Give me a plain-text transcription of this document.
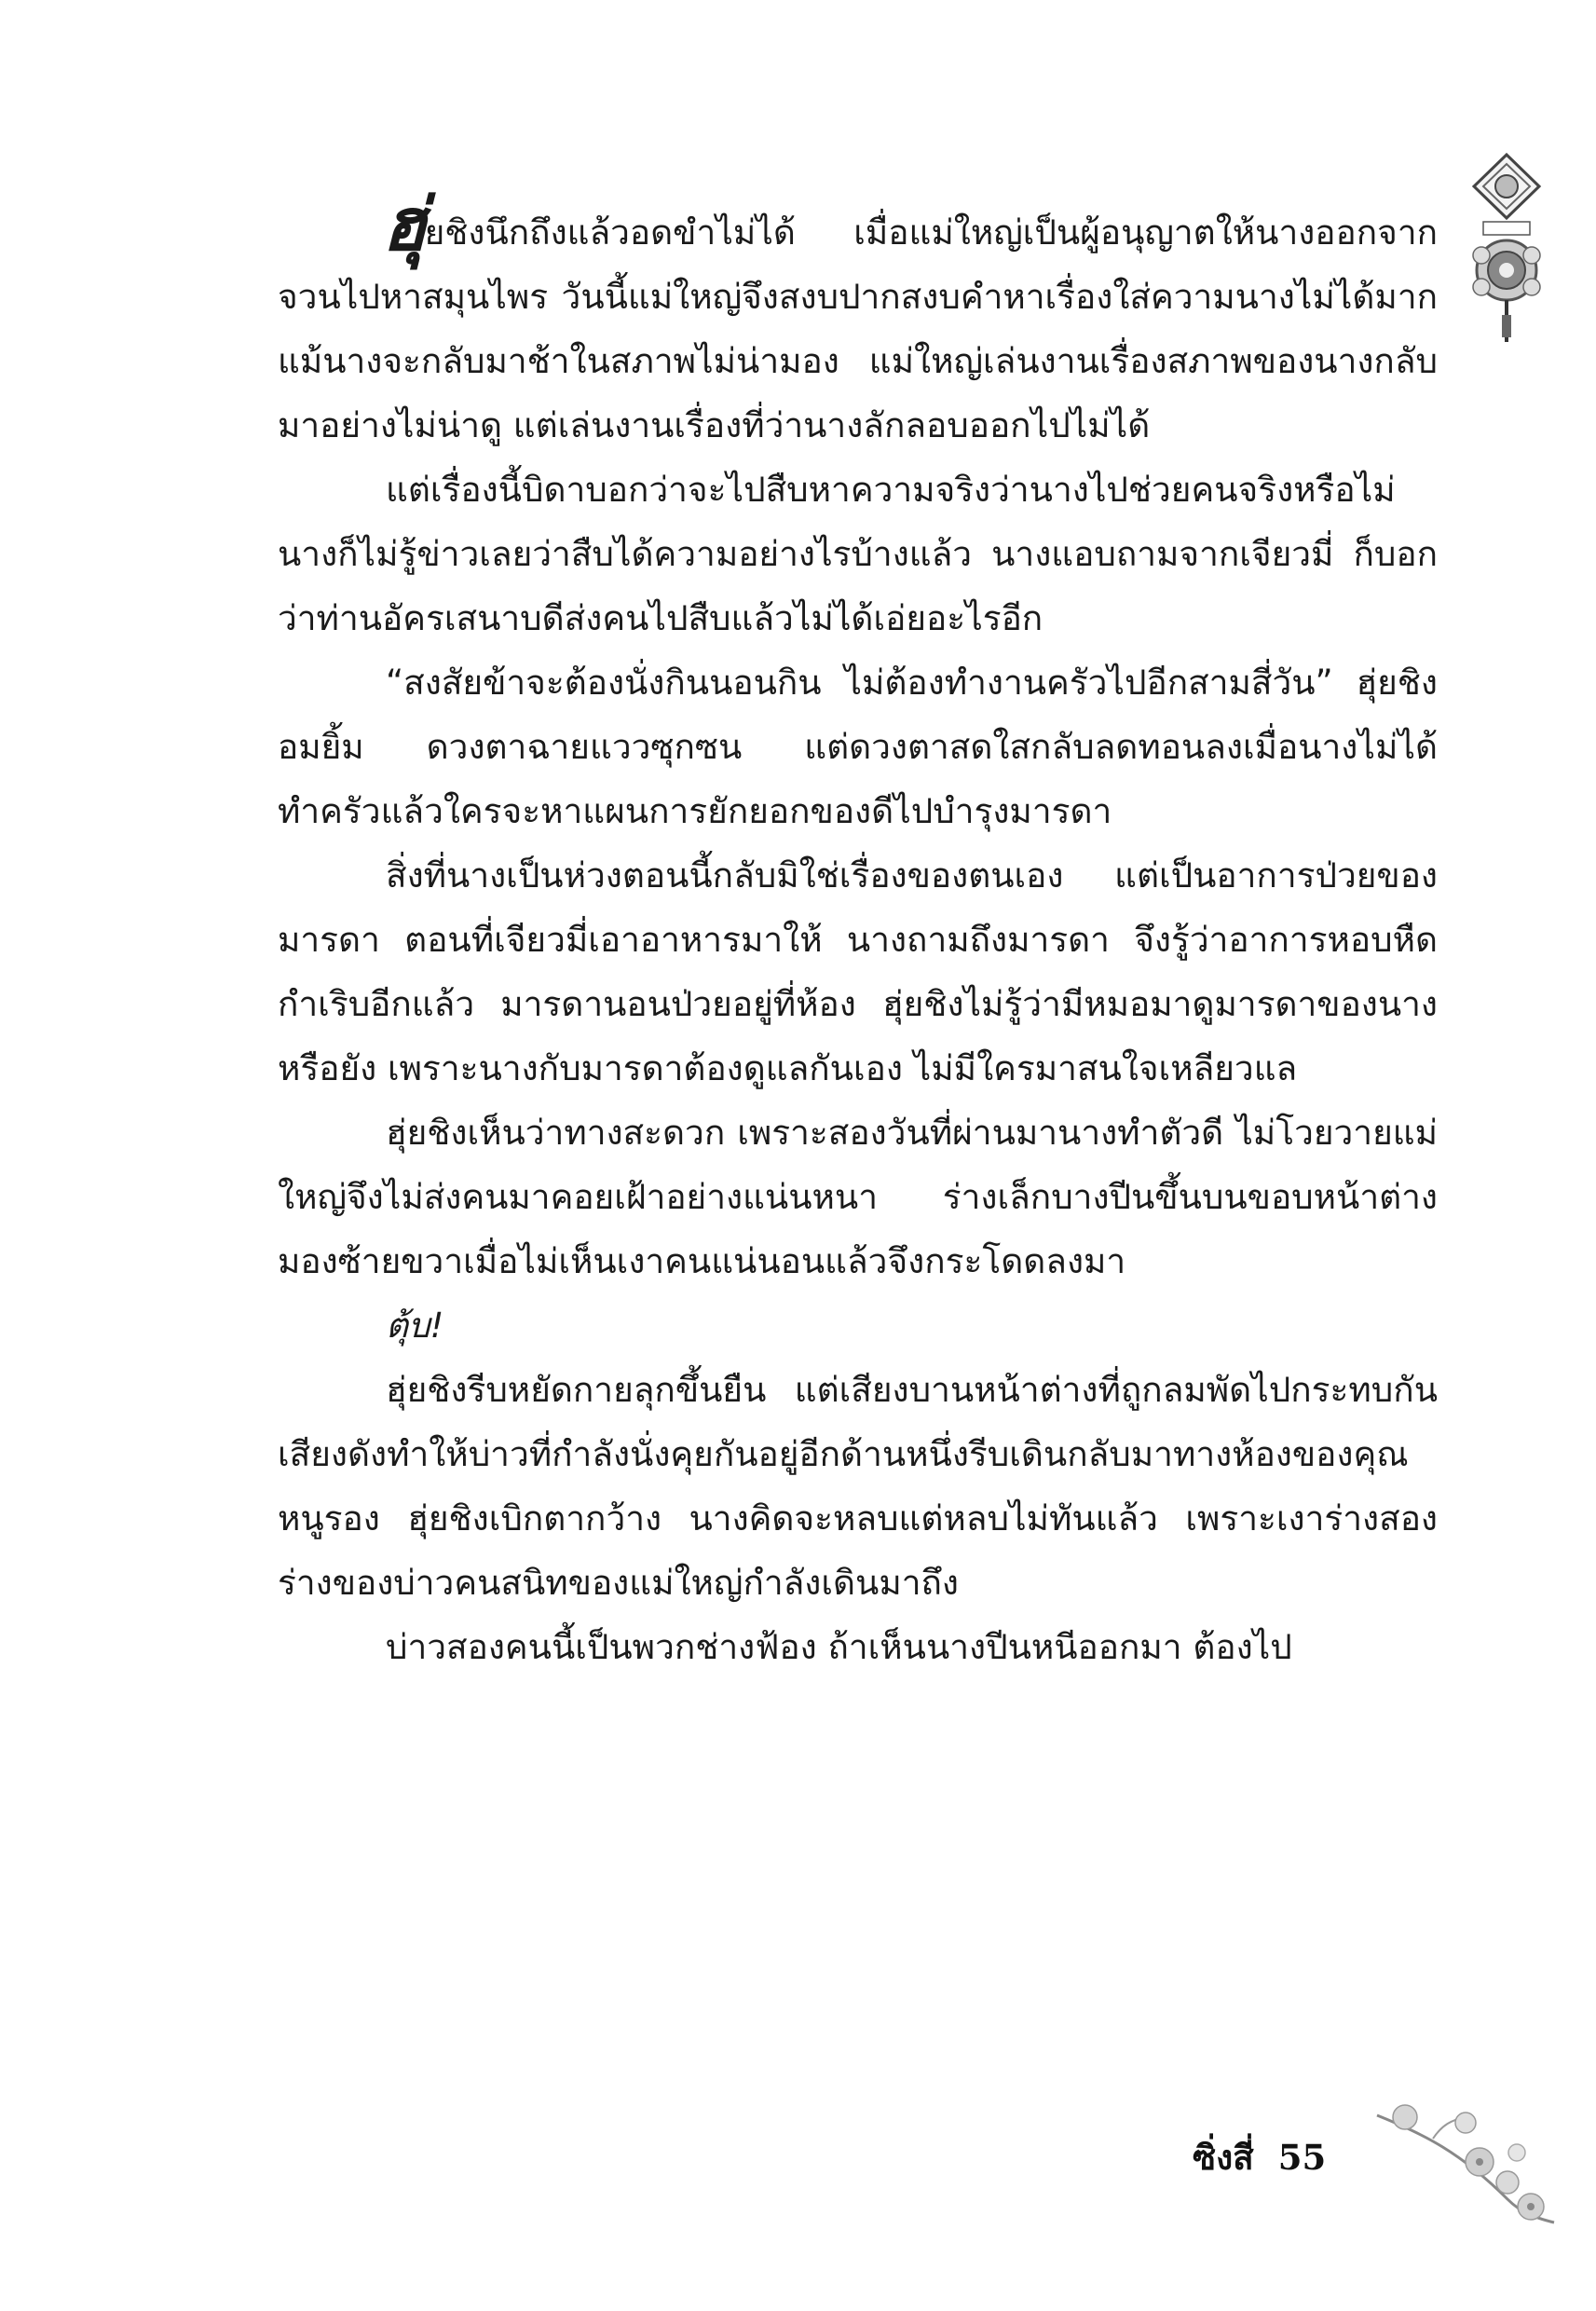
ฮุ่ยชิงนึกถึงแล้วอดขำไม่ได้ เมื่อแม่ใหญ่เป็นผู้อนุญาตให้นางออกจากจวนไปหาสมุนไพร วันนี้แม่ใหญ่จึงสงบปากสงบคำหาเรื่องใส่ความนางไม่ได้มาก แม้นางจะกลับมาช้าในสภาพไม่น่ามอง แม่ใหญ่เล่นงานเรื่องสภาพของนางกลับมาอย่างไม่น่าดู แต่เล่นงานเรื่องที่ว่านางลักลอบออกไปไม่ได้

แต่เรื่องนี้บิดาบอกว่าจะไปสืบหาความจริงว่านางไปช่วยคนจริงหรือไม่ นางก็ไม่รู้ข่าวเลยว่าสืบได้ความอย่างไรบ้างแล้ว นางแอบถามจากเจียวมี่ ก็บอกว่าท่านอัครเสนาบดีส่งคนไปสืบแล้วไม่ได้เอ่ยอะไรอีก

“สงสัยข้าจะต้องนั่งกินนอนกิน ไม่ต้องทำงานครัวไปอีกสามสี่วัน” ฮุ่ยชิงอมยิ้ม ดวงตาฉายแววซุกซน แต่ดวงตาสดใสกลับลดทอนลงเมื่อนางไม่ได้ทำครัวแล้วใครจะหาแผนการยักยอกของดีไปบำรุงมารดา

สิ่งที่นางเป็นห่วงตอนนี้กลับมิใช่เรื่องของตนเอง แต่เป็นอาการป่วยของมารดา ตอนที่เจียวมี่เอาอาหารมาให้ นางถามถึงมารดา จึงรู้ว่าอาการหอบหืดกำเริบอีกแล้ว มารดานอนป่วยอยู่ที่ห้อง ฮุ่ยชิงไม่รู้ว่ามีหมอมาดูมารดาของนางหรือยัง เพราะนางกับมารดาต้องดูแลกันเอง ไม่มีใครมาสนใจเหลียวแล

ฮุ่ยชิงเห็นว่าทางสะดวก เพราะสองวันที่ผ่านมานางทำตัวดี ไม่โวยวายแม่ใหญ่จึงไม่ส่งคนมาคอยเฝ้าอย่างแน่นหนา ร่างเล็กบางปีนขึ้นบนขอบหน้าต่าง มองซ้ายขวาเมื่อไม่เห็นเงาคนแน่นอนแล้วจึงกระโดดลงมา

ตุ้บ!

ฮุ่ยชิงรีบหยัดกายลุกขึ้นยืน แต่เสียงบานหน้าต่างที่ถูกลมพัดไปกระทบกันเสียงดังทำให้บ่าวที่กำลังนั่งคุยกันอยู่อีกด้านหนึ่งรีบเดินกลับมาทางห้องของคุณหนูรอง ฮุ่ยชิงเบิกตากว้าง นางคิดจะหลบแต่หลบไม่ทันแล้ว เพราะเงาร่างสองร่างของบ่าวคนสนิทของแม่ใหญ่กำลังเดินมาถึง

บ่าวสองคนนี้เป็นพวกช่างฟ้อง ถ้าเห็นนางปีนหนีออกมา ต้องไป

ซิ่งสี่ 55
